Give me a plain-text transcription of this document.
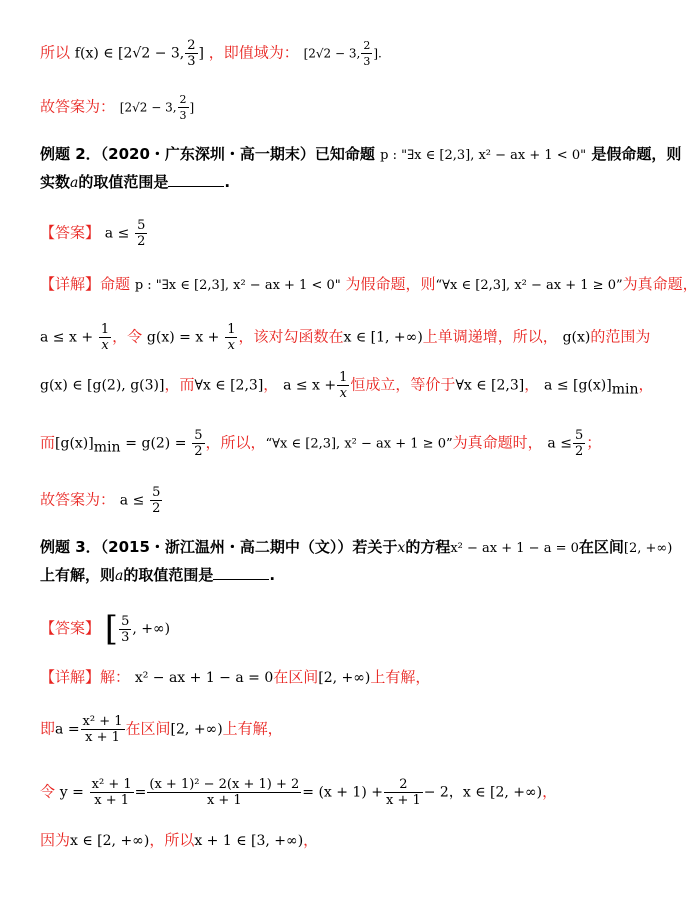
所以 f(x) ∈ [2√2 − 3, $\frac{2}{3}$ ] ，即值域为： [2√2 − 3, $\frac{2}{3}$ ].
故答案为： [2√2 − 3, $\frac{2}{3}$ ]
例题 2．（2020・广东深圳・高一期末）已知命题 p : "∃x ∈ [2,3], x² − ax + 1 < 0" 是假命题，则
实数a的取值范围是	.
【答案】 $a \le \frac{5}{2}$
【详解】命题 p : "∃x ∈ [2,3], x² − ax + 1 < 0" 为假命题，则“∀x ∈ [2,3], x² − ax + 1 ≥ 0”为真命题，
$a \le x + \frac{1}{x}$ ，令 $g(x) = x + \frac{1}{x}$ ，该对勾函数在x ∈ [1, +∞)上单调递增，所以， g(x)的范围为
g(x) ∈ [g(2), g(3)]，而∀x ∈ [2,3]， $a \le x + \frac{1}{x}$ 恒成立，等价于∀x ∈ [2,3]， $a \le [g(x)]_{min}$，
而$[g(x)]_{min} = g(2) = \frac{5}{2}$ ，所以，“∀x ∈ [2,3], x² − ax + 1 ≥ 0”为真命题时， $a \le \frac{5}{2}$ ；
故答案为： $a \le \frac{5}{2}$
例题 3．（2015・浙江温州・高二期中（文））若关于x的方程x² − ax + 1 − a = 0在区间[2, +∞)
上有解，则a的取值范围是	.
【答案】 [ $\frac{5}{3}$ , +∞)
【详解】解： x² − ax + 1 − a = 0在区间[2, +∞)上有解，
即$a = \frac{\text{x² + 1}}{x + 1}$ 在区间[2, +∞)上有解，
令 $y = \frac{\text{x² + 1}}{x + 1} = \frac{\text{(x + 1)² − 2(x + 1) + 2}}{x + 1} = (x + 1) + \frac{2}{x + 1} - 2$，x ∈ [2, +∞)，
因为x ∈ [2, +∞)，所以x + 1 ∈ [3, +∞)，
